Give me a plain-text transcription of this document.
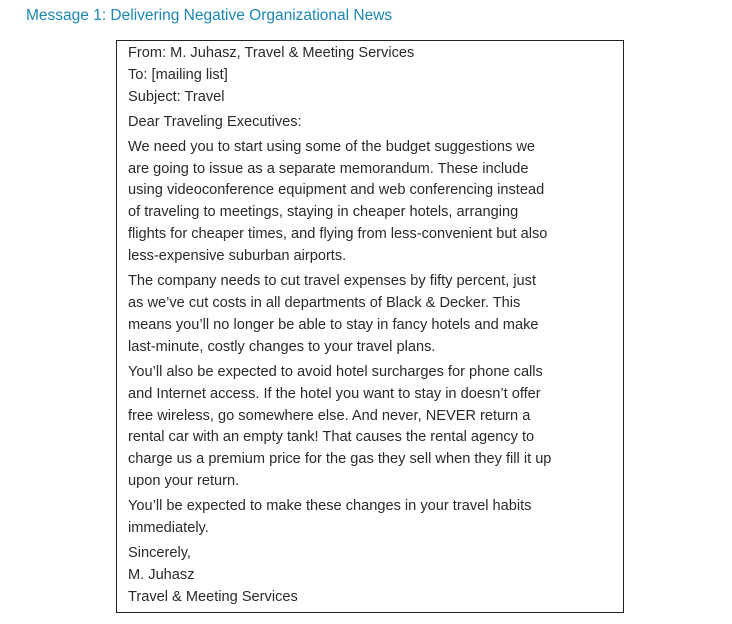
Message 1: Delivering Negative Organizational News
From: M. Juhasz, Travel & Meeting Services
To: [mailing list]
Subject: Travel
Dear Traveling Executives:
We need you to start using some of the budget suggestions we
are going to issue as a separate memorandum. These include
using videoconference equipment and web conferencing instead
of traveling to meetings, staying in cheaper hotels, arranging
flights for cheaper times, and flying from less-convenient but also
less-expensive suburban airports.
The company needs to cut travel expenses by fifty percent, just
as we’ve cut costs in all departments of Black & Decker. This
means you’ll no longer be able to stay in fancy hotels and make
last-minute, costly changes to your travel plans.
You’ll also be expected to avoid hotel surcharges for phone calls
and Internet access. If the hotel you want to stay in doesn’t offer
free wireless, go somewhere else. And never, NEVER return a
rental car with an empty tank! That causes the rental agency to
charge us a premium price for the gas they sell when they fill it up
upon your return.
You’ll be expected to make these changes in your travel habits
immediately.
Sincerely,
M. Juhasz
Travel & Meeting Services
